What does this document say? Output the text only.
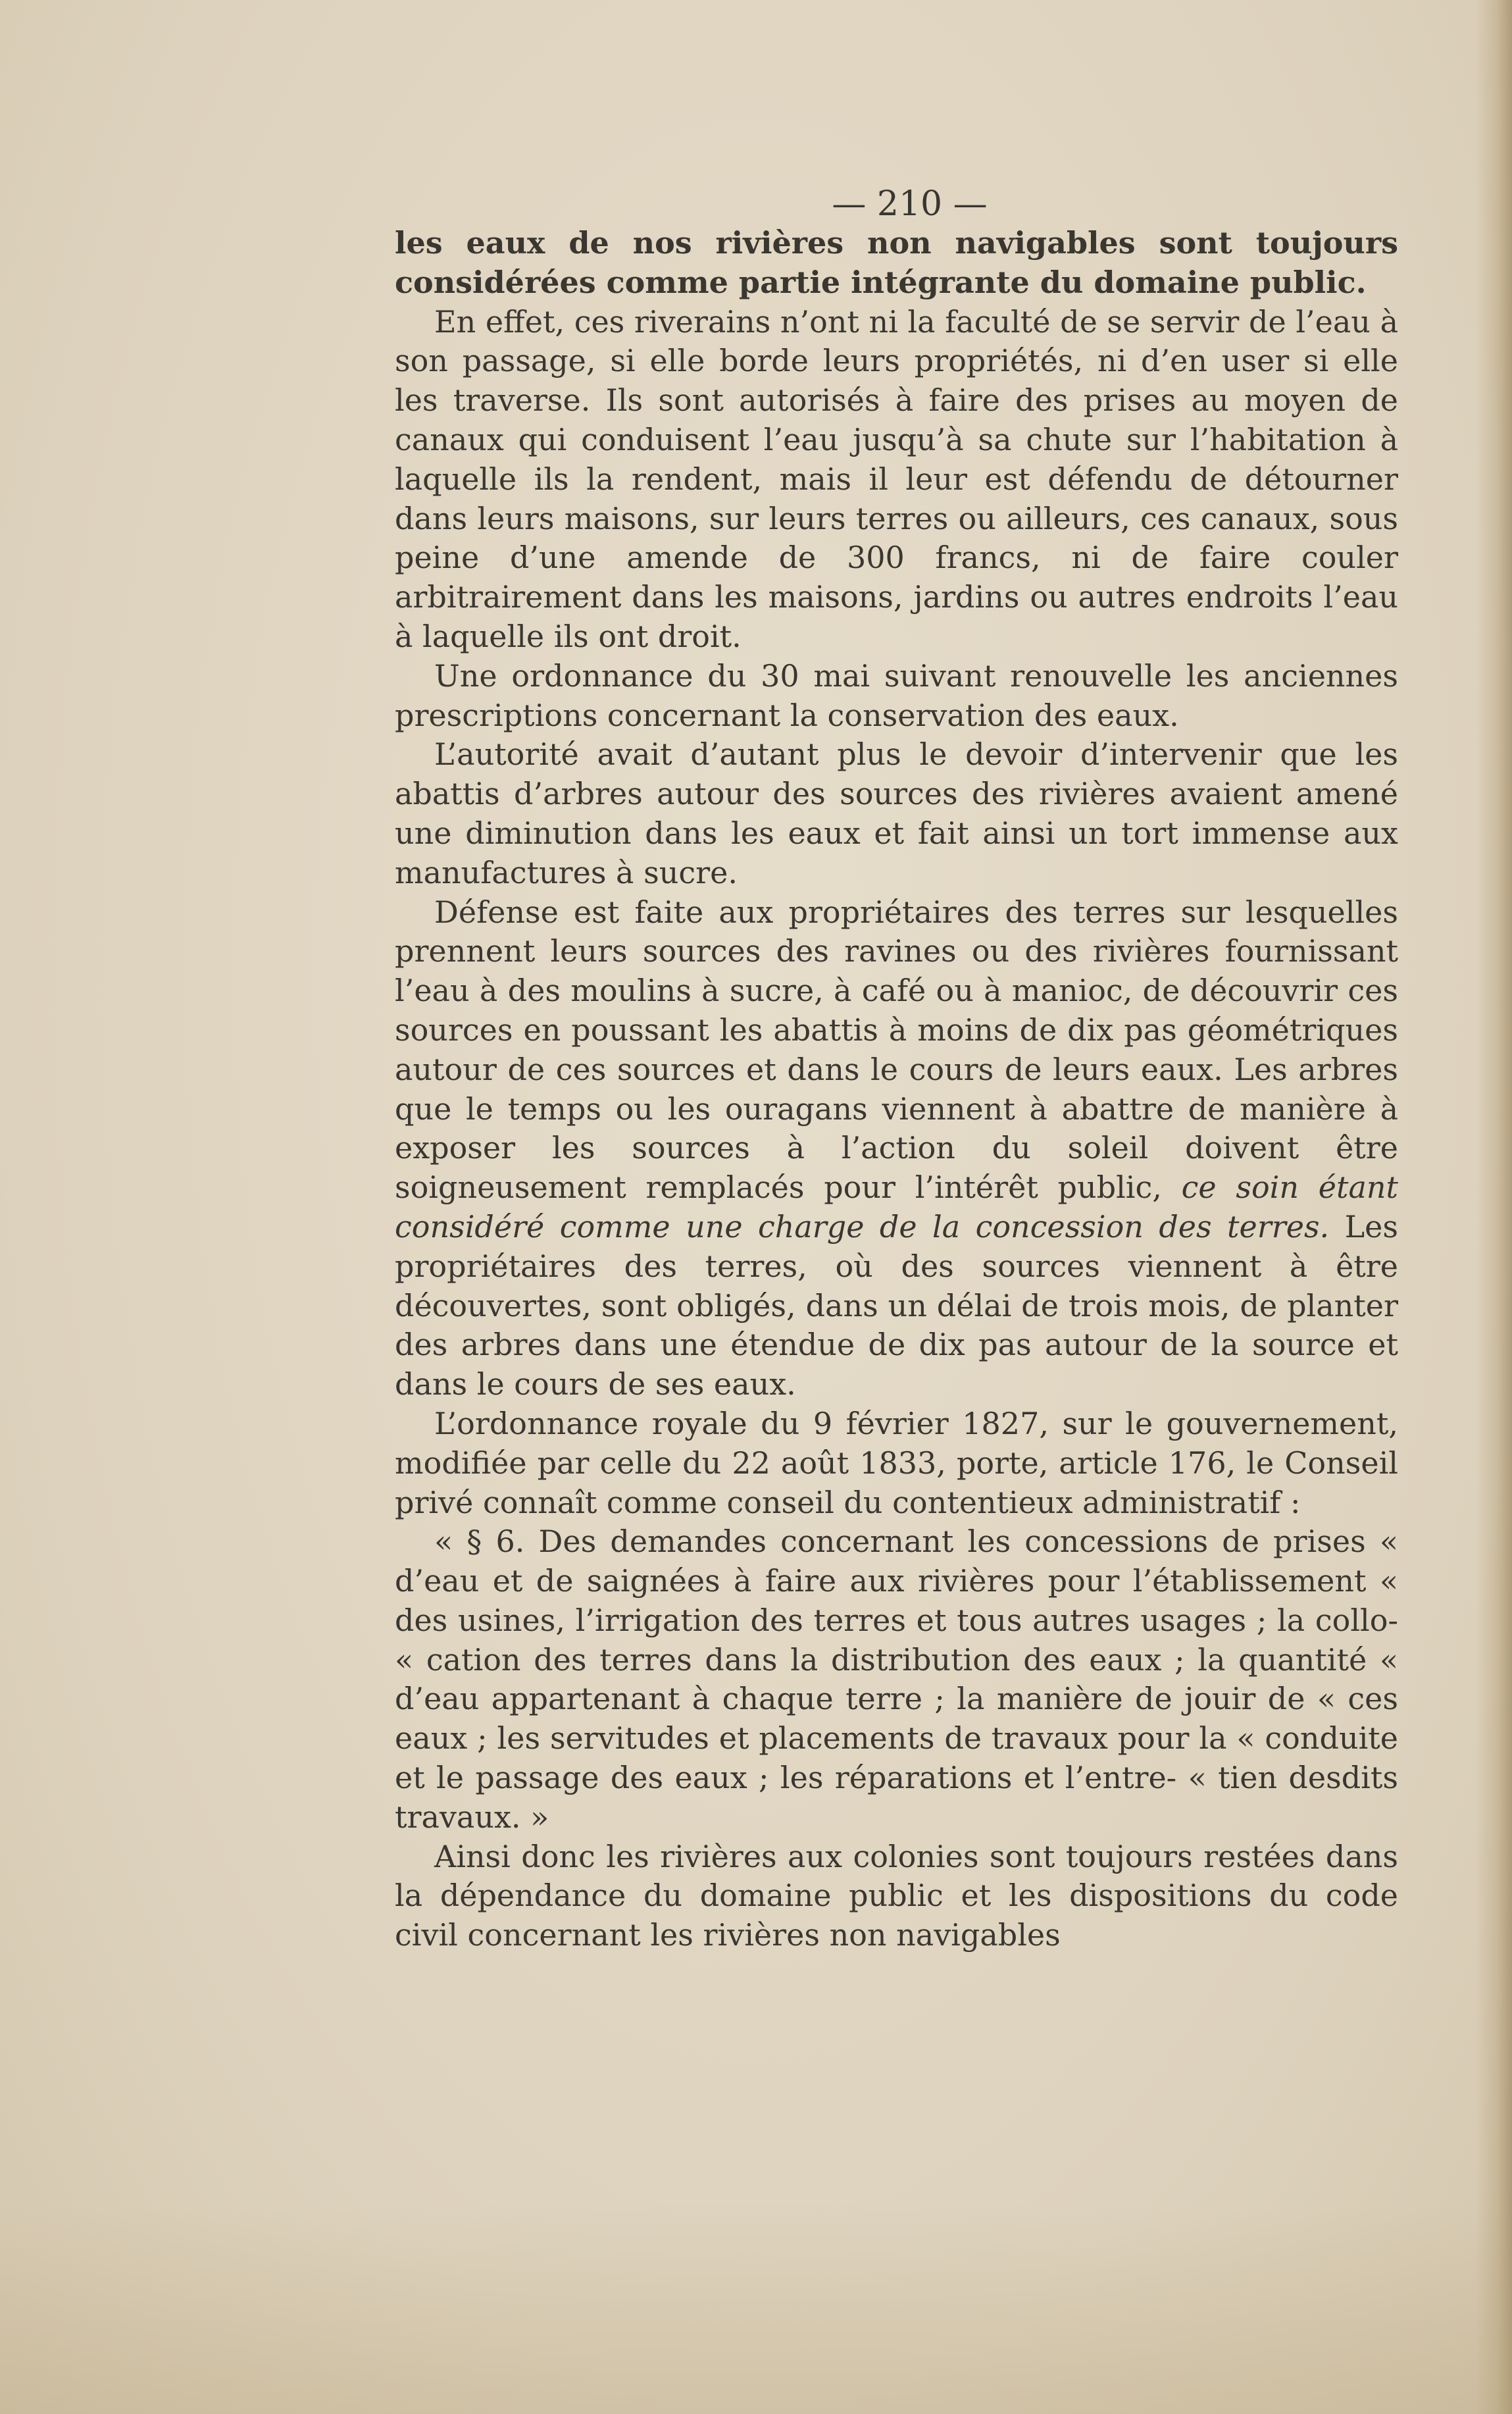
— 210 —

les eaux de nos rivières non navigables sont toujours considérées comme partie intégrante du domaine public.

En effet, ces riverains n’ont ni la faculté de se servir de l’eau à son passage, si elle borde leurs propriétés, ni d’en user si elle les traverse. Ils sont autorisés à faire des prises au moyen de canaux qui conduisent l’eau jusqu’à sa chute sur l’habitation à laquelle ils la rendent, mais il leur est défendu de détourner dans leurs maisons, sur leurs terres ou ailleurs, ces canaux, sous peine d’une amende de 300 francs, ni de faire couler arbitrairement dans les maisons, jardins ou autres endroits l’eau à laquelle ils ont droit.

Une ordonnance du 30 mai suivant renouvelle les anciennes prescriptions concernant la conservation des eaux.

L’autorité avait d’autant plus le devoir d’intervenir que les abattis d’arbres autour des sources des rivières avaient amené une diminution dans les eaux et fait ainsi un tort immense aux manufactures à sucre.

Défense est faite aux propriétaires des terres sur lesquelles prennent leurs sources des ravines ou des rivières fournissant l’eau à des moulins à sucre, à café ou à manioc, de découvrir ces sources en poussant les abattis à moins de dix pas géométriques autour de ces sources et dans le cours de leurs eaux. Les arbres que le temps ou les ouragans viennent à abattre de manière à exposer les sources à l’action du soleil doivent être soigneusement remplacés pour l’intérêt public, ce soin étant considéré comme une charge de la concession des terres. Les propriétaires des terres, où des sources viennent à être découvertes, sont obligés, dans un délai de trois mois, de planter des arbres dans une étendue de dix pas autour de la source et dans le cours de ses eaux.

L’ordonnance royale du 9 février 1827, sur le gouvernement, modifiée par celle du 22 août 1833, porte, article 176, le Conseil privé connaît comme conseil du contentieux administratif :

« § 6. Des demandes concernant les concessions de prises « d’eau et de saignées à faire aux rivières pour l’établissement « des usines, l’irrigation des terres et tous autres usages ; la collo- « cation des terres dans la distribution des eaux ; la quantité « d’eau appartenant à chaque terre ; la manière de jouir de « ces eaux ; les servitudes et placements de travaux pour la « conduite et le passage des eaux ; les réparations et l’entre- « tien desdits travaux. »

Ainsi donc les rivières aux colonies sont toujours restées dans la dépendance du domaine public et les dispositions du code civil concernant les rivières non navigables
